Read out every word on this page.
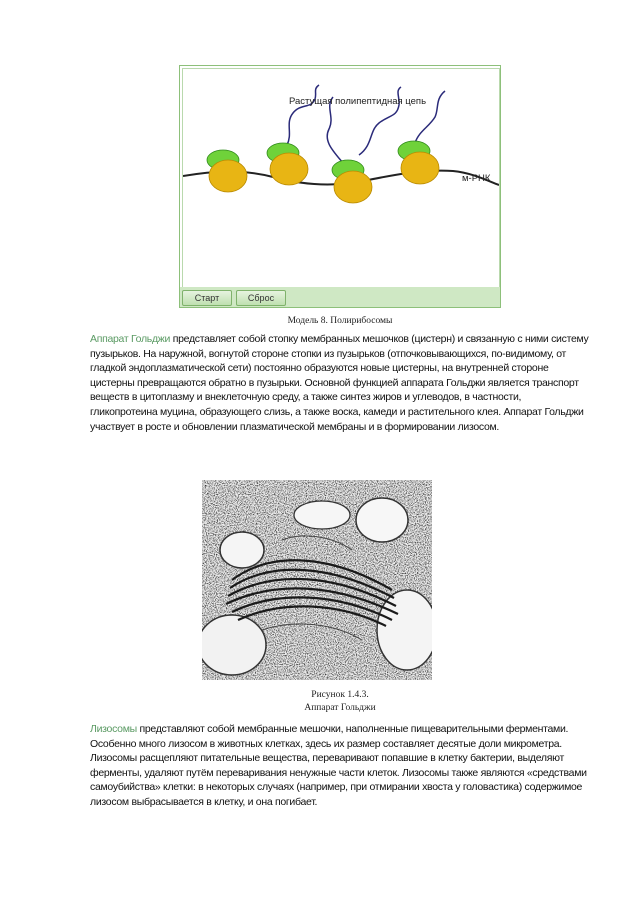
Растущая полипептидная цепь
м-РНК
Старт	Сброс
Модель 8. Полирибосомы

Аппарат Гольджи представляет собой стопку мембранных мешочков (цистерн) и связанную с ними систему пузырьков. На наружной, вогнутой стороне стопки из пузырьков (отпочковывающихся, по-видимому, от гладкой эндоплазматической сети) постоянно образуются новые цистерны, на внутренней стороне цистерны превращаются обратно в пузырьки. Основной функцией аппарата Гольджи является транспорт веществ в цитоплазму и внеклеточную среду, а также синтез жиров и углеводов, в частности, гликопротеина муцина, образующего слизь, а также воска, камеди и растительного клея. Аппарат Гольджи участвует в росте и обновлении плазматической мембраны и в формировании лизосом.

Рисунок 1.4.3.
Аппарат Гольджи

Лизосомы представляют собой мембранные мешочки, наполненные пищеварительными ферментами. Особенно много лизосом в животных клетках, здесь их размер составляет десятые доли микрометра. Лизосомы расщепляют питательные вещества, переваривают попавшие в клетку бактерии, выделяют ферменты, удаляют путём переваривания ненужные части клеток. Лизосомы также являются «средствами самоубийства» клетки: в некоторых случаях (например, при отмирании хвоста у головастика) содержимое лизосом выбрасывается в клетку, и она погибает.
